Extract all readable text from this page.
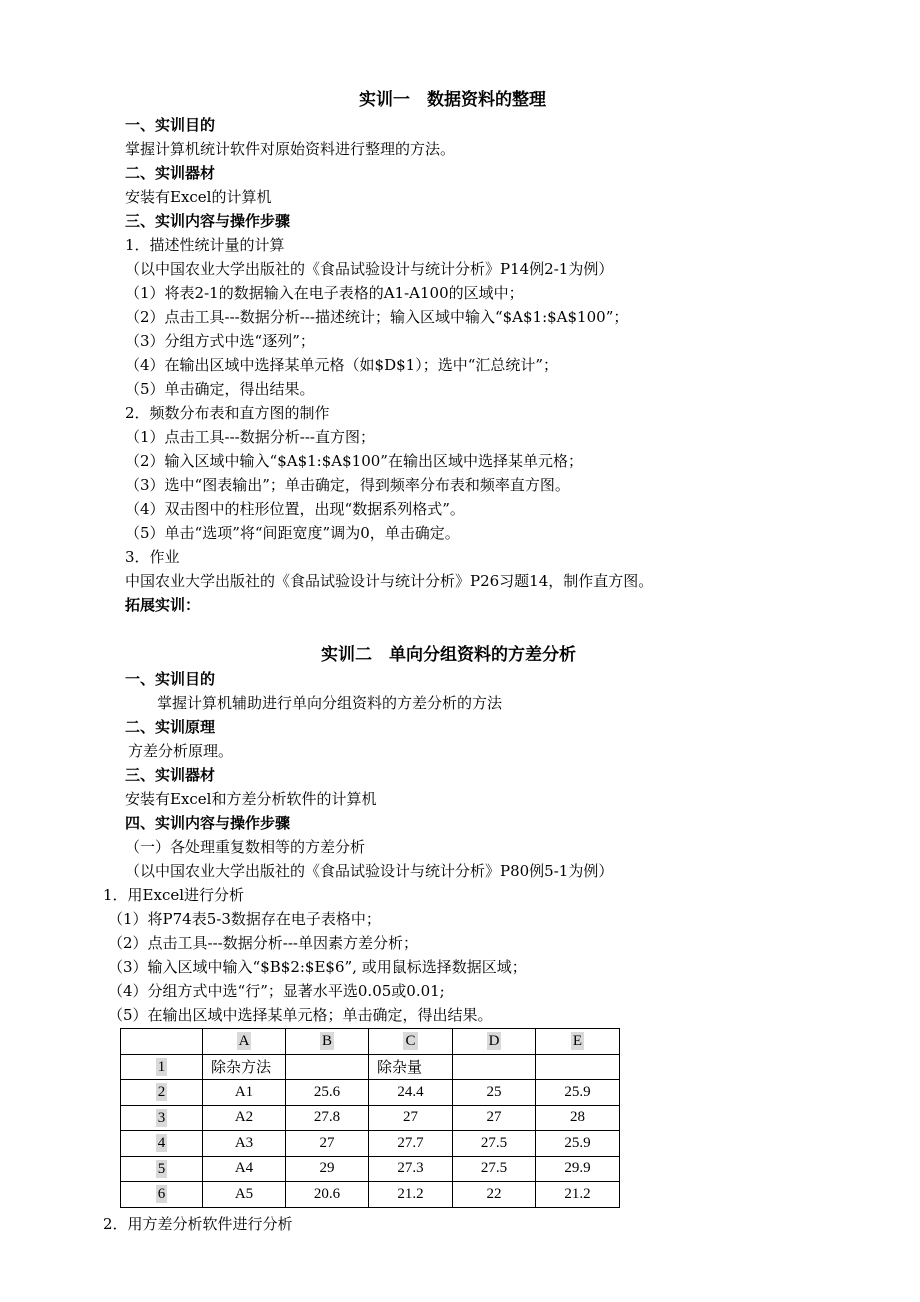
实训一　数据资料的整理
一、实训目的
掌握计算机统计软件对原始资料进行整理的方法。
二、实训器材
安装有Excel的计算机
三、实训内容与操作步骤
1．描述性统计量的计算
（以中国农业大学出版社的《食品试验设计与统计分析》P14例2-1为例）
（1）将表2-1的数据输入在电子表格的A1-A100的区域中；
（2）点击工具---数据分析---描述统计；输入区域中输入“$A$1:$A$100”；
（3）分组方式中选“逐列”；
（4）在输出区域中选择某单元格（如$D$1）；选中“汇总统计”；
（5）单击确定，得出结果。
2．频数分布表和直方图的制作
（1）点击工具---数据分析---直方图；
（2）输入区域中输入“$A$1:$A$100”在输出区域中选择某单元格；
（3）选中“图表输出”；单击确定，得到频率分布表和频率直方图。
（4）双击图中的柱形位置，出现“数据系列格式”。
（5）单击“选项”将“间距宽度”调为0，单击确定。
3．作业
中国农业大学出版社的《食品试验设计与统计分析》P26习题14，制作直方图。
拓展实训：
实训二　单向分组资料的方差分析
一、实训目的
掌握计算机辅助进行单向分组资料的方差分析的方法
二、实训原理
方差分析原理。
三、实训器材
安装有Excel和方差分析软件的计算机
四、实训内容与操作步骤
（一）各处理重复数相等的方差分析
（以中国农业大学出版社的《食品试验设计与统计分析》P80例5-1为例）
1．用Excel进行分析
（1）将P74表5-3数据存在电子表格中；
（2）点击工具---数据分析---单因素方差分析；
（3）输入区域中输入“$B$2:$E$6”, 或用鼠标选择数据区域；
（4）分组方式中选“行”；显著水平选0.05或0.01;
（5）在输出区域中选择某单元格；单击确定，得出结果。
	A	B	C	D	E
1	除杂方法		除杂量		
2	A1	25.6	24.4	25	25.9
3	A2	27.8	27	27	28
4	A3	27	27.7	27.5	25.9
5	A4	29	27.3	27.5	29.9
6	A5	20.6	21.2	22	21.2
2．用方差分析软件进行分析
